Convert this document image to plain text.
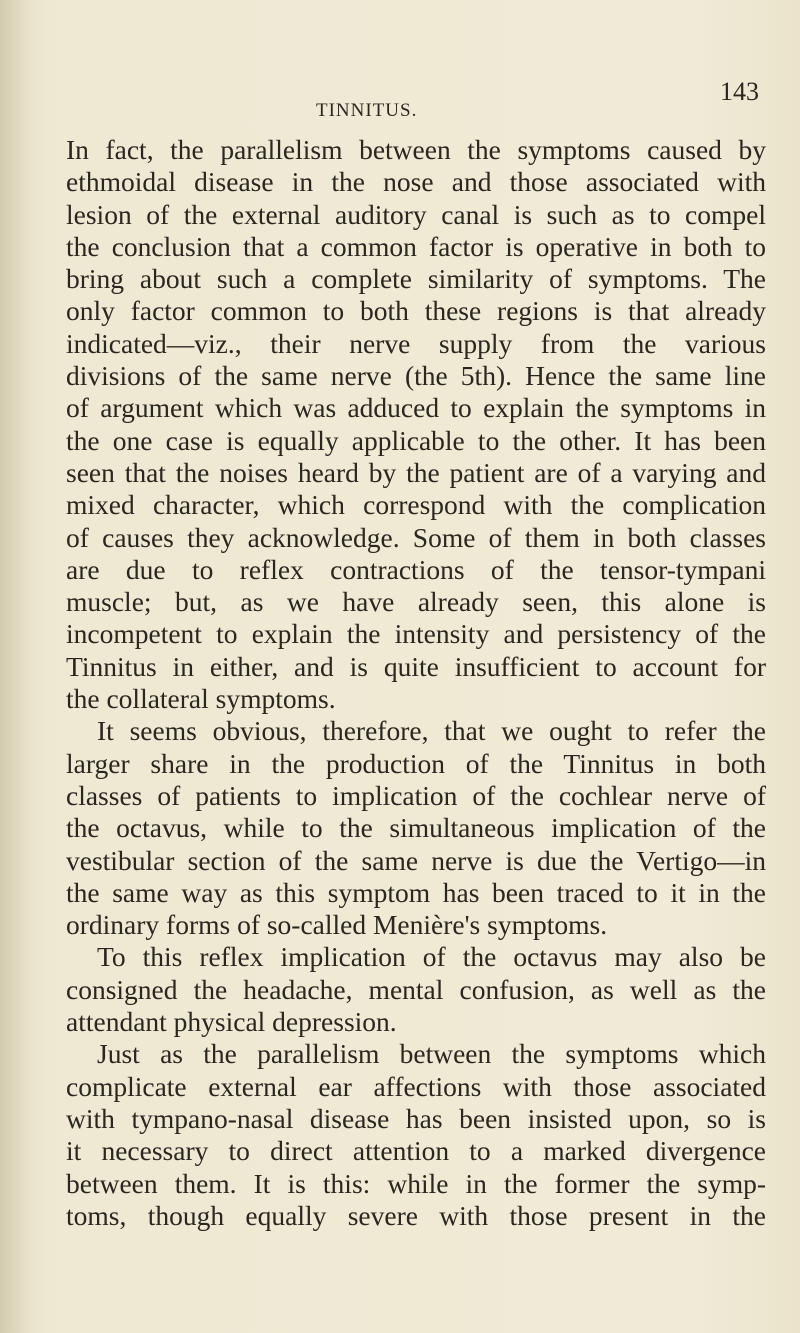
TINNITUS.
143
In fact, the parallelism between the symptoms caused by
ethmoidal disease in the nose and those associated with
lesion of the external auditory canal is such as to compel
the conclusion that a common factor is operative in both to
bring about such a complete similarity of symptoms. The
only factor common to both these regions is that already
indicated—viz., their nerve supply from the various
divisions of the same nerve (the 5th). Hence the same line
of argument which was adduced to explain the symptoms in
the one case is equally applicable to the other. It has been
seen that the noises heard by the patient are of a varying and
mixed character, which correspond with the complication
of causes they acknowledge. Some of them in both classes
are due to reflex contractions of the tensor-tympani
muscle; but, as we have already seen, this alone is
incompetent to explain the intensity and persistency of the
Tinnitus in either, and is quite insufficient to account for
the collateral symptoms.
It seems obvious, therefore, that we ought to refer the
larger share in the production of the Tinnitus in both
classes of patients to implication of the cochlear nerve of
the octavus, while to the simultaneous implication of the
vestibular section of the same nerve is due the Vertigo—in
the same way as this symptom has been traced to it in the
ordinary forms of so-called Menière's symptoms.
To this reflex implication of the octavus may also be
consigned the headache, mental confusion, as well as the
attendant physical depression.
Just as the parallelism between the symptoms which
complicate external ear affections with those associated
with tympano-nasal disease has been insisted upon, so is
it necessary to direct attention to a marked divergence
between them. It is this: while in the former the symp-
toms, though equally severe with those present in the
